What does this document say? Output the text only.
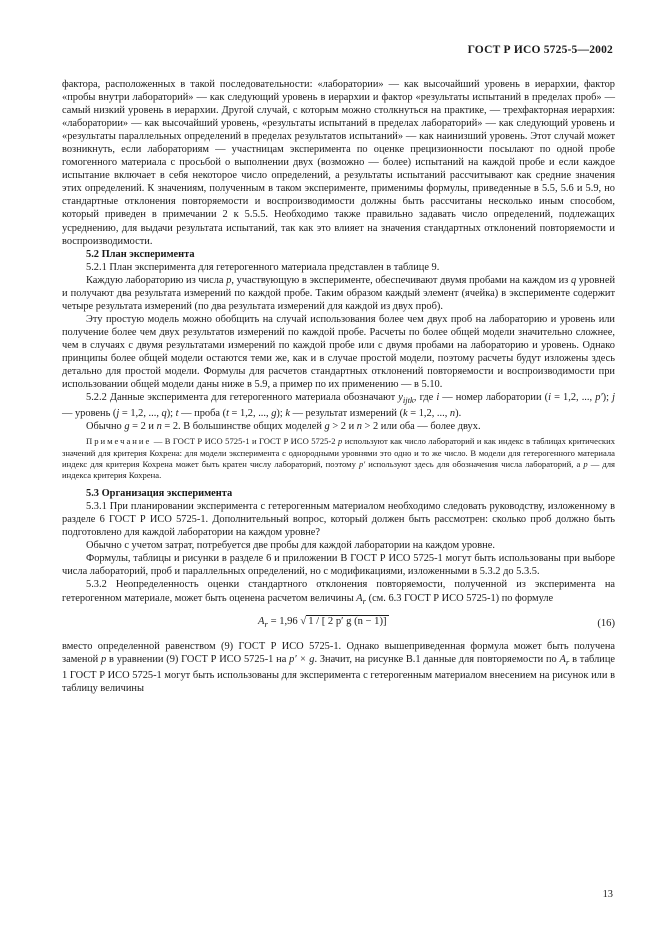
ГОСТ Р ИСО 5725-5—2002

фактора, расположенных в такой последовательности: «лаборатории» — как высочайший уровень в иерархии, фактор «пробы внутри лабораторий» — как следующий уровень в иерархии и фактор «результаты испытаний в пределах проб» — самый низкий уровень в иерархии. Другой случай, с которым можно столкнуться на практике, — трехфакторная иерархия: «лаборатории» — как высочайший уровень, «результаты испытаний в пределах лабораторий» — как следующий уровень и «результаты параллельных определений в пределах результатов испытаний» — как наинизший уровень. Этот случай может возникнуть, если лабораториям — участницам эксперимента по оценке прецизионности посылают по одной пробе гомогенного материала с просьбой о выполнении двух (возможно — более) испытаний на каждой пробе и если каждое испытание включает в себя некоторое число определений, а результаты испытаний рассчитывают как средние значения этих определений. К значениям, полученным в таком эксперименте, применимы формулы, приведенные в 5.5, 5.6 и 5.9, но стандартные отклонения повторяемости и воспроизводимости должны быть рассчитаны несколько иным способом, который приведен в примечании 2 к 5.5.5. Необходимо также правильно задавать число определений, подлежащих усреднению, для выдачи результата испытаний, так как это влияет на значения стандартных отклонений повторяемости и воспроизводимости.

5.2 План эксперимента

5.2.1 План эксперимента для гетерогенного материала представлен в таблице 9.

Каждую лабораторию из числа p, участвующую в эксперименте, обеспечивают двумя пробами на каждом из q уровней и получают два результата измерений по каждой пробе. Таким образом каждый элемент (ячейка) в эксперименте содержит четыре результата измерений (по два результата измерений для каждой из двух проб).

Эту простую модель можно обобщить на случай использования более чем двух проб на лабораторию и уровень или получение более чем двух результатов измерений по каждой пробе. Расчеты по более общей модели значительно сложнее, чем в случаях с двумя результатами измерений по каждой пробе или с двумя пробами на лабораторию и уровень. Однако принципы более общей модели остаются теми же, как и в случае простой модели, поэтому расчеты будут изложены здесь детально для простой модели. Формулы для расчетов стандартных отклонений повторяемости и воспроизводимости при использовании общей модели даны ниже в 5.9, а пример по их применению — в 5.10.

5.2.2 Данные эксперимента для гетерогенного материала обозначают $y_{ijtk}$, где i — номер лаборатории (i = 1,2, ..., p′); j — уровень (j = 1,2, ..., q); t — проба (t = 1,2, ..., g); k — результат измерений (k = 1,2, ..., n).

Обычно g = 2 и n = 2. В большинстве общих моделей g > 2 и n > 2 или оба — более двух.

Примечание — В ГОСТ Р ИСО 5725-1 и ГОСТ Р ИСО 5725-2 p используют как число лабораторий и как индекс в таблицах критических значений для критерия Кохрена: для модели эксперимента с однородными уровнями это одно и то же число. В модели для гетерогенного материала индекс для критерия Кохрена может быть кратен числу лабораторий, поэтому p′ используют здесь для обозначения числа лабораторий, а p — для индекса критерия Кохрена.

5.3 Организация эксперимента

5.3.1 При планировании эксперимента с гетерогенным материалом необходимо следовать руководству, изложенному в разделе 6 ГОСТ Р ИСО 5725-1. Дополнительный вопрос, который должен быть рассмотрен: сколько проб должно быть подготовлено для каждой лаборатории на каждом уровне?

Обычно с учетом затрат, потребуется две пробы для каждой лаборатории на каждом уровне.

Формулы, таблицы и рисунки в разделе 6 и приложении В ГОСТ Р ИСО 5725-1 могут быть использованы при выборе числа лабораторий, проб и параллельных определений, но с модификациями, изложенными в 5.3.2 до 5.3.5.

5.3.2 Неопределенность оценки стандартного отклонения повторяемости, полученной из эксперимента на гетерогенном материале, может быть оценена расчетом величины $A_r$ (см. 6.3 ГОСТ Р ИСО 5725-1) по формуле

$A_r = 1,96$ √ 1 / [ 2 p′ g (n − 1)]	(16)

вместо определенной равенством (9) ГОСТ Р ИСО 5725-1. Однако вышеприведенная формула может быть получена заменой p в уравнении (9) ГОСТ Р ИСО 5725-1 на p′ × g. Значит, на рисунке В.1 данные для повторяемости по $A_r$ в таблице 1 ГОСТ Р ИСО 5725-1 могут быть использованы для эксперимента с гетерогенным материалом внесением на рисунок или в таблицу величины

13
